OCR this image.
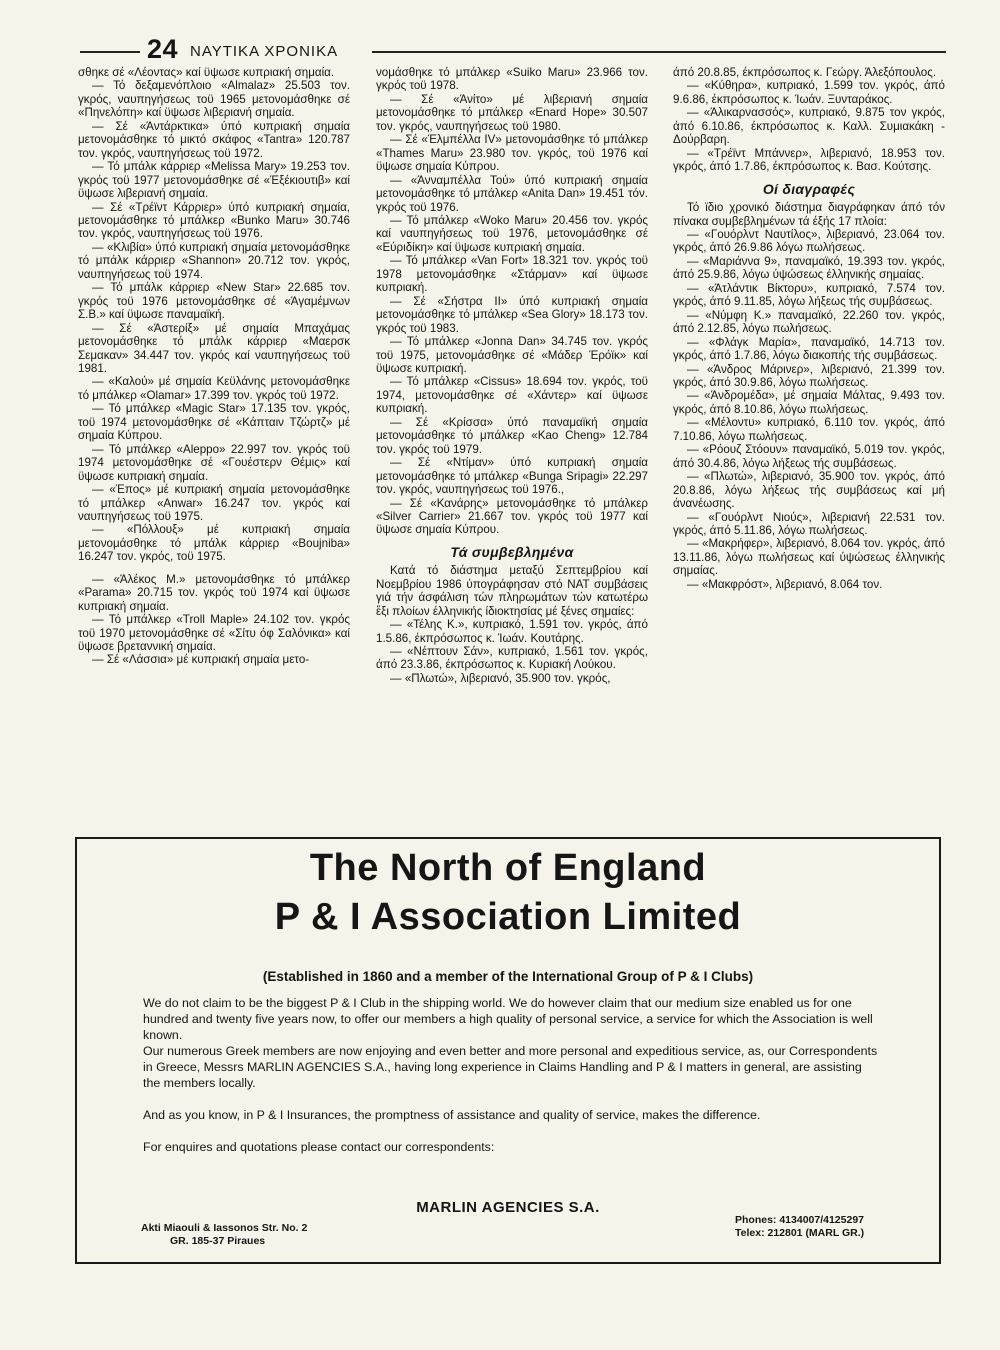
24 ΝΑΥΤΙΚΑ ΧΡΟΝΙΚΑ

σθηκε σέ «Λέοντας» καί ϋψωσε κυπριακή σημαία.

— Τό δεξαμενόπλοιο «Almalaz» 25.503 τον. γκρός, ναυπηγήσεως τοϋ 1965 μετονομάσθηκε σέ «Πηνελόπη» καί ϋψωσε λιβεριανή σημαία.

— Σέ «Άντάρκτικα» ύπό κυπριακή σημαία μετονομάσθηκε τό μικτό σκάφος «Tantra» 120.787 τον. γκρός, ναυπηγήσεως τοϋ 1972.

— Τό μπάλκ κάρριερ «Melissa Mary» 19.253 τον. γκρός τοϋ 1977 μετονομάσθηκε σέ «Έξέκιουτιβ» καί ϋψωσε λιβεριανή σημαία.

— Σέ «Τρέϊντ Κάρριερ» ύπό κυπριακή σημαία, μετονομάσθηκε τό μπάλκερ «Bunko Maru» 30.746 τον. γκρός, ναυπηγήσεως τοϋ 1976.

— «Κλιβία» ύπό κυπριακή σημαία μετονομάσθηκε τό μπάλκ κάρριερ «Shannon» 20.712 τον. γκρός, ναυπηγήσεως τοϋ 1974.

— Τό μπάλκ κάρριερ «New Star» 22.685 τον. γκρός τοϋ 1976 μετονομάσθηκε σέ «Άγαμέμνων Σ.Β.» καί ϋψωσε παναμαϊκή.

— Σέ «Άστερίξ» μέ σημαία Μπαχάμας μετονομάσθηκε τό μπάλκ κάρριερ «Μαερσκ Σεμακαν» 34.447 τον. γκρός καί ναυπηγήσεως τοϋ 1981.

— «Καλού» μέ σημαία Κεϋλάνης μετονομάσθηκε τό μπάλκερ «Olamar» 17.399 τον. γκρός τοϋ 1972.

— Τό μπάλκερ «Magic Star» 17.135 τον. γκρός, τοϋ 1974 μετονομάσθηκε σέ «Κάπταιν Τζώρτζ» μέ σημαία Κύπρου.

— Τό μπάλκερ «Aleppo» 22.997 τον. γκρός τοϋ 1974 μετονομάσθηκε σέ «Γουέστερν Θέμις» καί ϋψωσε κυπριακή σημαία.

— «Έπος» μέ κυπριακή σημαία μετονομάσθηκε τό μπάλκερ «Anwar» 16.247 τον. γκρός καί ναυπηγήσεως τοϋ 1975.

— «Πόλλουξ» μέ κυπριακή σημαία μετονομάσθηκε τό μπάλκ κάρριερ «Boujniba» 16.247 τον. γκρός, τοϋ 1975.

— «Άλέκος Μ.» μετονομάσθηκε τό μπάλκερ «Parama» 20.715 τον. γκρός τοϋ 1974 καί ϋψωσε κυπριακή σημαία.

— Τό μπάλκερ «Troll Maple» 24.102 τον. γκρός τοϋ 1970 μετονομάσθηκε σέ «Σίτυ όφ Σαλόνικα» καί ϋψωσε βρεταννική σημαία.

— Σέ «Λάσσια» μέ κυπριακή σημαία μετο-

νομάσθηκε τό μπάλκερ «Suiko Maru» 23.966 τον. γκρός τοϋ 1978.

— Σέ «Άνίτο» μέ λιβεριανή σημαία μετονομάσθηκε τό μπάλκερ «Enard Hope» 30.507 τον. γκρός, ναυπηγήσεως τοϋ 1980.

— Σέ «Έλμπέλλα IV» μετονομάσθηκε τό μπάλκερ «Thames Maru» 23.980 τον. γκρός, τοϋ 1976 καί ϋψωσε σημαία Κύπρου.

— «Άνναμπέλλα Τού» ύπό κυπριακή σημαία μετονομάσθηκε τό μπάλκερ «Anita Dan» 19.451 τόν. γκρός τοϋ 1976.

— Τό μπάλκερ «Woko Maru» 20.456 τον. γκρός καί ναυπηγήσεως τοϋ 1976, μετονομάσθηκε σέ «Εύριδίκη» καί ϋψωσε κυπριακή σημαία.

— Τό μπάλκερ «Van Fort» 18.321 τον. γκρός τοϋ 1978 μετονομάσθηκε «Στάρμαν» καί ϋψωσε κυπριακή.

— Σέ «Σήστρα II» ύπό κυπριακή σημαία μετονομάσθηκε τό μπάλκερ «Sea Glory» 18.173 τον. γκρός τοϋ 1983.

— Τό μπάλκερ «Jonna Dan» 34.745 τον. γκρός τοϋ 1975, μετονομάσθηκε σέ «Μάδερ Έρόϊκ» καί ϋψωσε κυπριακή.

— Τό μπάλκερ «Cissus» 18.694 τον. γκρός, τοϋ 1974, μετονομάσθηκε σέ «Χάντερ» καί ϋψωσε κυπριακή.

— Σέ «Κρίσσα» ύπό παναμαϊκή σημαία μετονομάσθηκε τό μπάλκερ «Kao Cheng» 12.784 τον. γκρός τοϋ 1979.

— Σέ «Ντίμαν» ύπό κυπριακή σημαία μετονομάσθηκε τό μπάλκερ «Bunga Sripagi» 22.297 τον. γκρός, ναυπηγήσεως τοϋ 1976.,

— Σέ «Κανάρης» μετονομάσθηκε τό μπάλκερ «Silver Carrier» 21.667 τον. γκρός τοϋ 1977 καί ϋψωσε σημαία Κύπρου.

Τά συμβεβλημένα

Κατά τό διάστημα μεταξύ Σεπτεμβρίου καί Νοεμβρίου 1986 ύπογράφησαν στό ΝΑΤ συμβάσεις γιά τήν άσφάλιση τών πληρωμάτων τών κατωτέρω ἕξι πλοίων έλληνικής ίδιοκτησίας μέ ξένες σημαίες:

— «Τέλης Κ.», κυπριακό, 1.591 τον. γκρός, άπό 1.5.86, έκπρόσωπος κ. Ίωάν. Κουτάρης.

— «Νέπτουν Σάν», κυπριακό, 1.561 τον. γκρός, άπό 23.3.86, έκπρόσωπος κ. Κυριακή Λούκου.

— «Πλωτώ», λιβεριανό, 35.900 τον. γκρός,

άπό 20.8.85, έκπρόσωπος κ. Γεώργ. Άλεξόπουλος.

— «Κύθηρα», κυπριακό, 1.599 τον. γκρός, άπό 9.6.86, έκπρόσωπος κ. Ίωάν. Ξυνταράκος.

— «Άλικαρνασσός», κυπριακό, 9.875 τον γκρός, άπό 6.10.86, έκπρόσωπος κ. Καλλ. Συμιακάκη - Δούρβαρη.

— «Τρέϊντ Μπάννερ», λιβεριανό, 18.953 τον. γκρός, άπό 1.7.86, έκπρόσωπος κ. Βασ. Κούτσης.

Οί διαγραφές

Τό ϊδιο χρονικό διάστημα διαγράφηκαν άπό τόν πίνακα συμβεβλημένων τά έξής 17 πλοία:

— «Γουόρλντ Ναυτίλος», λιβεριανό, 23.064 τον. γκρός, άπό 26.9.86 λόγω πωλήσεως.

— «Μαριάννα 9», παναμαϊκό, 19.393 τον. γκρός, άπό 25.9.86, λόγω ύψώσεως έλληνικής σημαίας.

— «Άτλάντικ Βίκτορυ», κυπριακό, 7.574 τον. γκρός, άπό 9.11.85, λόγω λήξεως τής συμβάσεως.

— «Νύμφη Κ.» παναμαϊκό, 22.260 τον. γκρός, άπό 2.12.85, λόγω πωλήσεως.

— «Φλάγκ Μαρία», παναμαϊκό, 14.713 τον. γκρός, άπό 1.7.86, λόγω διακοπής τής συμβάσεως.

— «Άνδρος Μάρινερ», λιβεριανό, 21.399 τον. γκρός, άπό 30.9.86, λόγω πωλήσεως.

— «Άνδρομέδα», μέ σημαία Μάλτας, 9.493 τον. γκρός, άπό 8.10.86, λόγω πωλήσεως.

— «Μέλοντυ» κυπριακό, 6.110 τον. γκρός, άπό 7.10.86, λόγω πωλήσεως.

— «Ρόουζ Στόουν» παναμαϊκό, 5.019 τον. γκρός, άπό 30.4.86, λόγω λήξεως τής συμβάσεως.

— «Πλωτώ», λιβεριανό, 35.900 τον. γκρός, άπό 20.8.86, λόγω λήξεως τής συμβάσεως καί μή άνανέωσης.

— «Γουόρλντ Νιούς», λιβεριανή 22.531 τον. γκρός, άπό 5.11.86, λόγω πωλήσεως.

— «Μακρήφερ», λιβεριανό, 8.064 τον. γκρός, άπό 13.11.86, λόγω πωλήσεως καί ύψώσεως έλληνικής σημαίας.

— «Μακφρόστ», λιβεριανό, 8.064 τον.

The North of England
P & I Association Limited
(Established in 1860 and a member of the International Group of P & I Clubs)

We do not claim to be the biggest P & I Club in the shipping world. We do however claim that our medium size enabled us for one hundred and twenty five years now, to offer our members a high quality of personal service, a service for which the Association is well known.

Our numerous Greek members are now enjoying and even better and more personal and expeditious service, as, our Correspondents in Greece, Messrs MARLIN AGENCIES S.A., having long experience in Claims Handling and P & I matters in general, are assisting the members locally.

And as you know, in P & I Insurances, the promptness of assistance and quality of service, makes the difference.

For enquires and quotations please contact our correspondents:

MARLIN AGENCIES S.A.
Akti Miaouli & Iassonos Str. No. 2
GR. 185-37 Piraues
Phones: 4134007/4125297
Telex: 212801 (MARL GR.)
